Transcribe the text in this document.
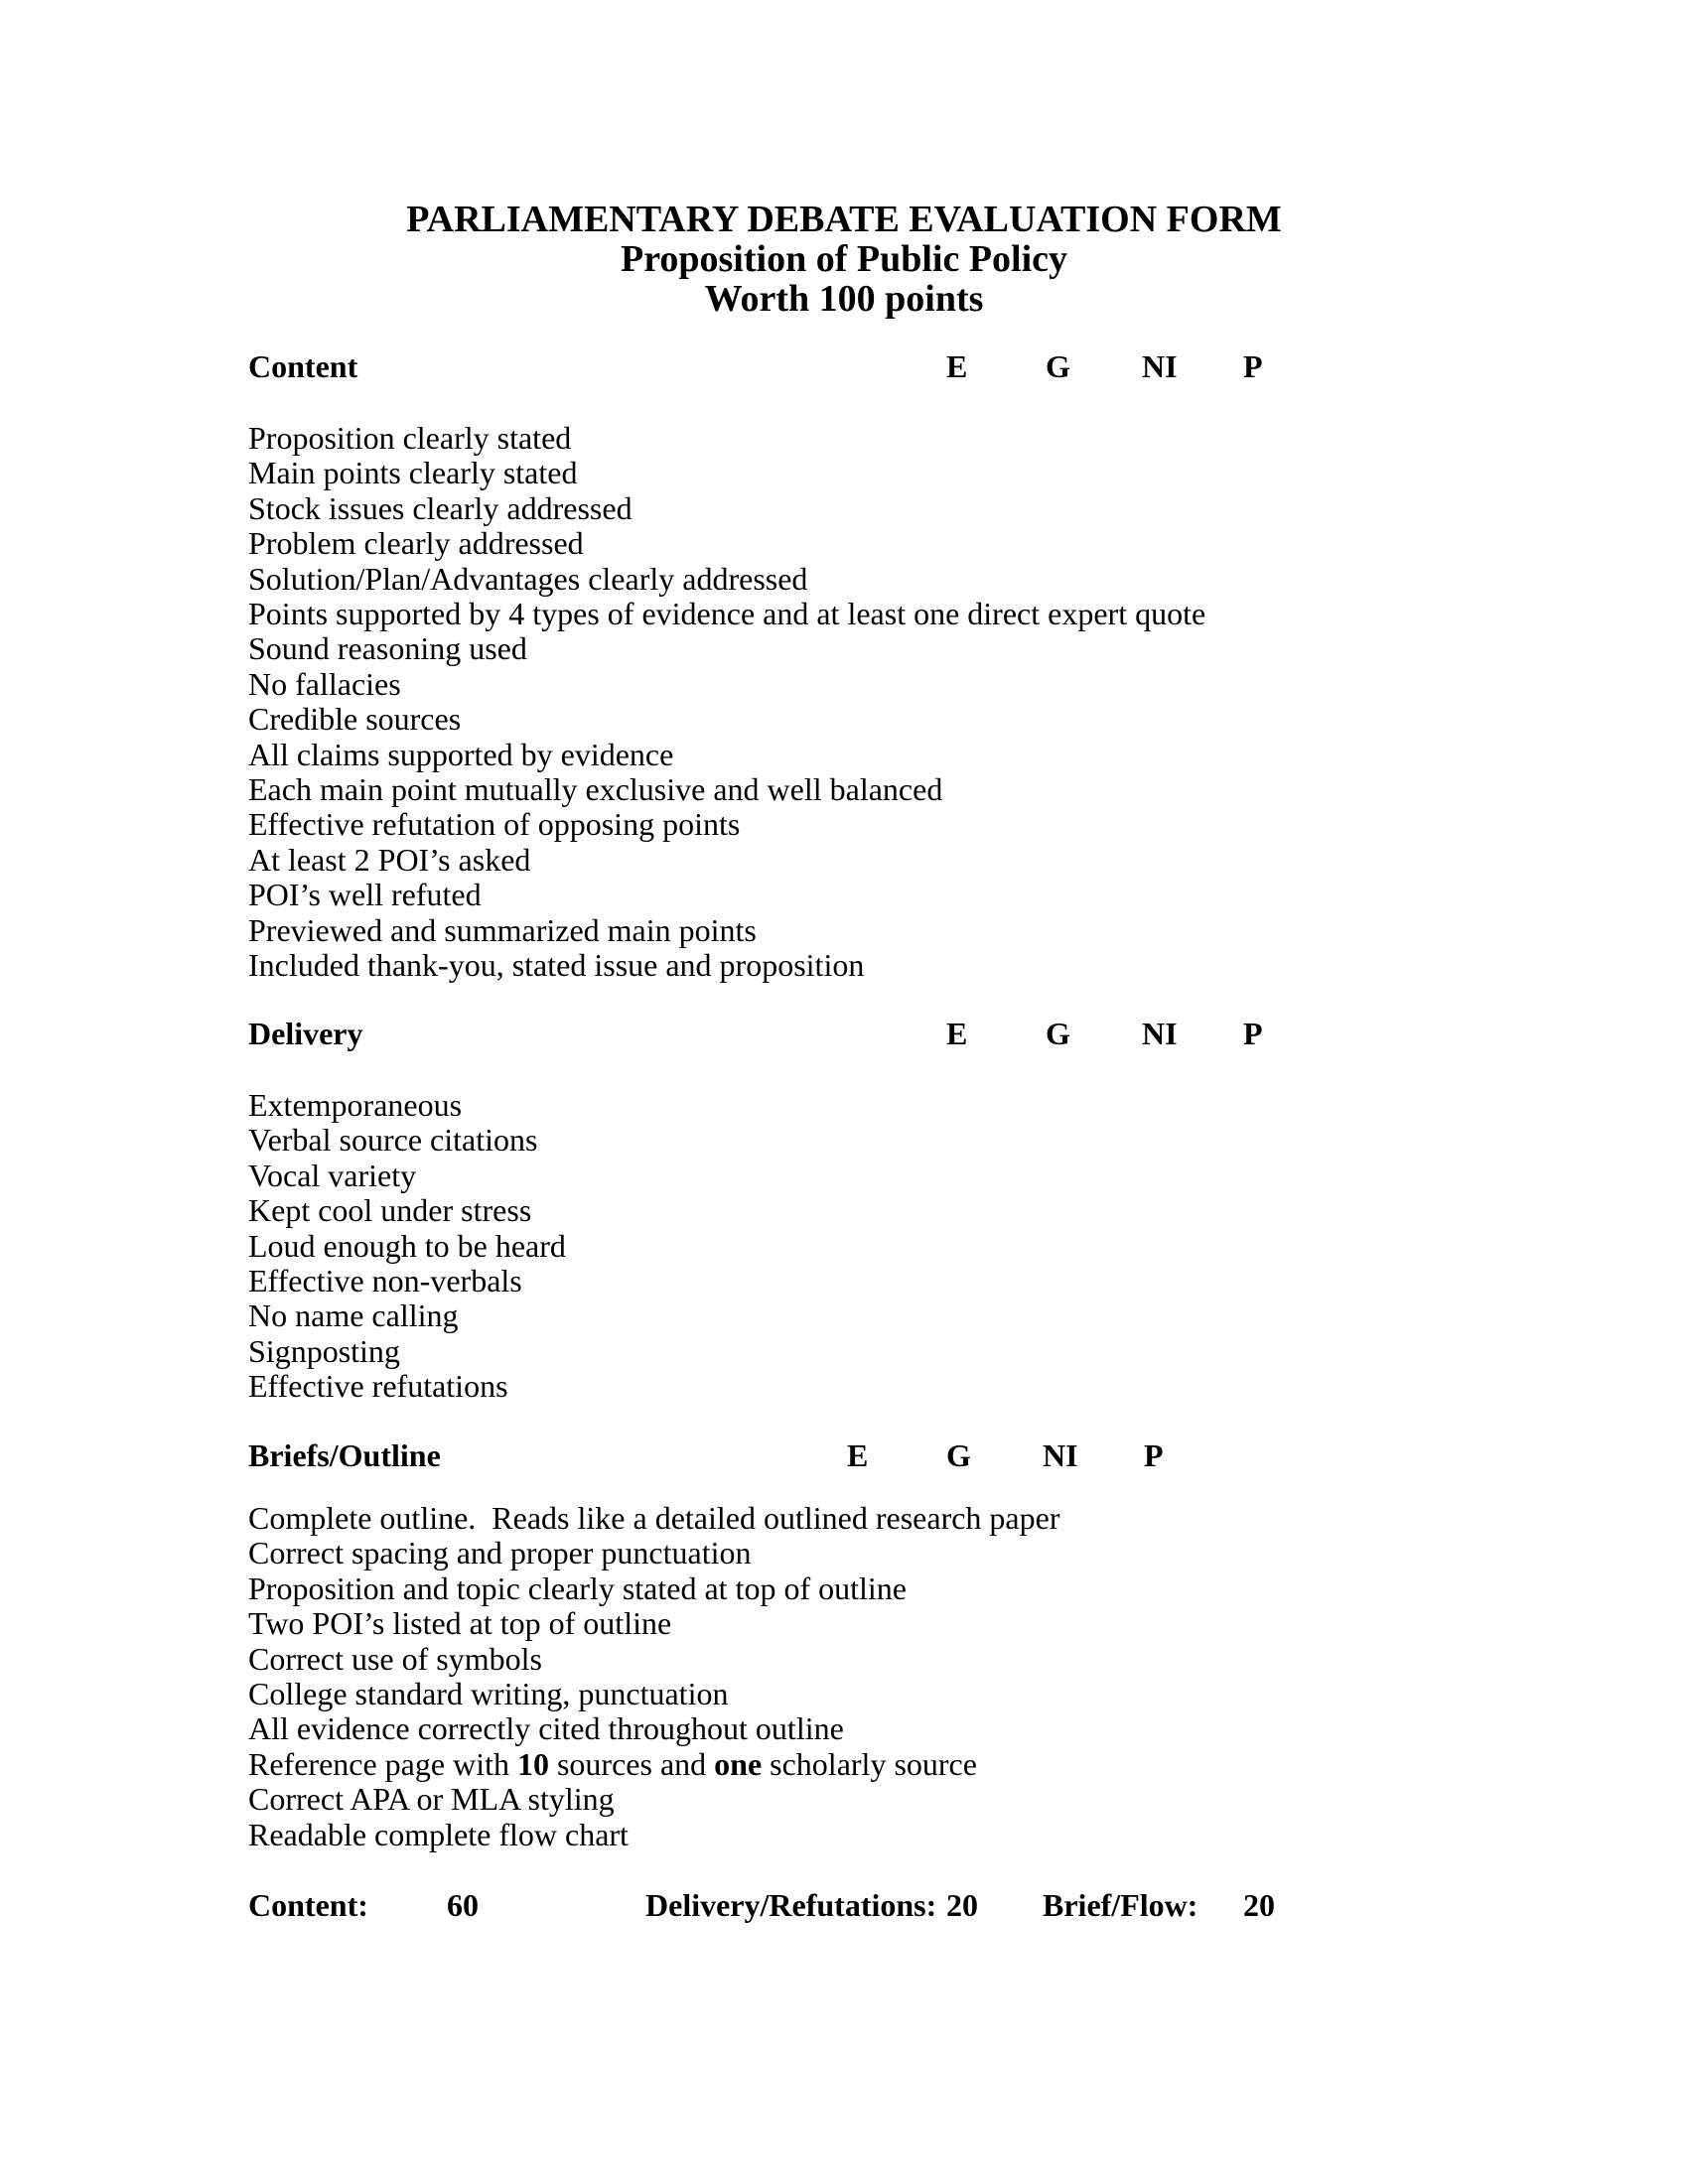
PARLIAMENTARY DEBATE EVALUATION FORM
Proposition of Public Policy
Worth 100 points
Content	E G NI P
Proposition clearly stated
Main points clearly stated
Stock issues clearly addressed
Problem clearly addressed
Solution/Plan/Advantages clearly addressed
Points supported by 4 types of evidence and at least one direct expert quote
Sound reasoning used
No fallacies
Credible sources
All claims supported by evidence
Each main point mutually exclusive and well balanced
Effective refutation of opposing points
At least 2 POI’s asked
POI’s well refuted
Previewed and summarized main points
Included thank-you, stated issue and proposition
Delivery	E G NI P
Extemporaneous
Verbal source citations
Vocal variety
Kept cool under stress
Loud enough to be heard
Effective non-verbals
No name calling
Signposting
Effective refutations
Briefs/Outline	E G NI P
Complete outline.  Reads like a detailed outlined research paper
Correct spacing and proper punctuation
Proposition and topic clearly stated at top of outline
Two POI’s listed at top of outline
Correct use of symbols
College standard writing, punctuation
All evidence correctly cited throughout outline
Reference page with 10 sources and one scholarly source
Correct APA or MLA styling
Readable complete flow chart
Content: 60	Delivery/Refutations: 20 Brief/Flow: 20
